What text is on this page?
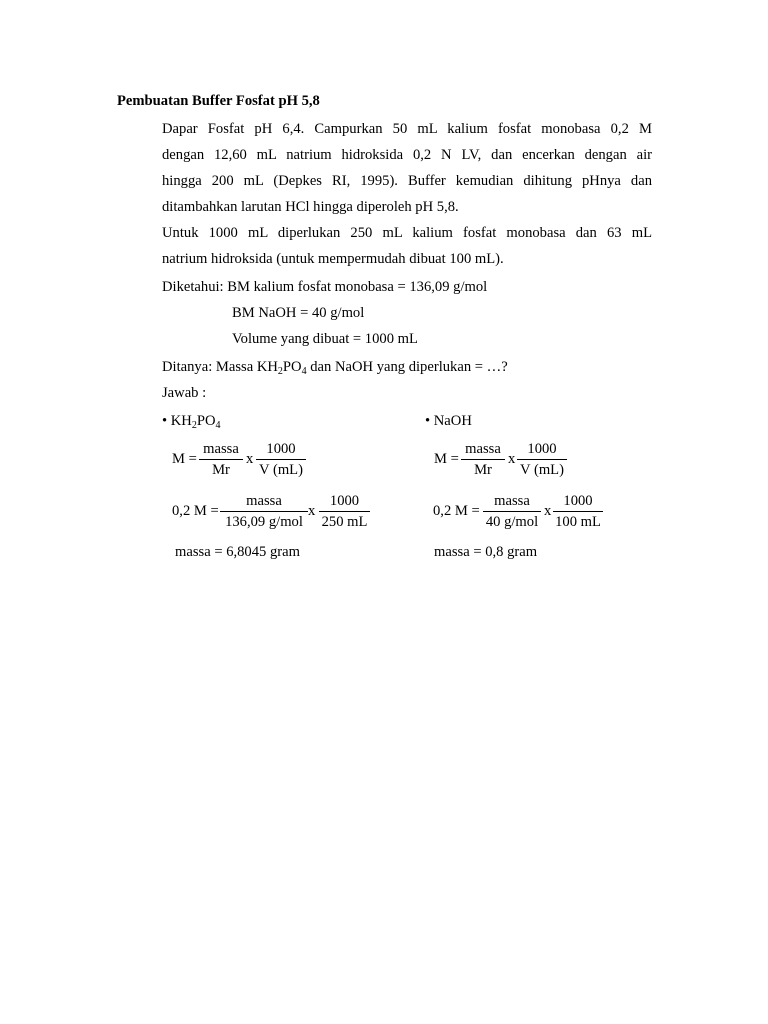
Pembuatan Buffer Fosfat pH 5,8
Dapar Fosfat pH 6,4. Campurkan 50 mL kalium fosfat monobasa 0,2 M
dengan 12,60 mL natrium hidroksida 0,2 N LV, dan encerkan dengan air
hingga 200 mL (Depkes RI, 1995). Buffer kemudian dihitung pHnya dan
ditambahkan larutan HCl hingga diperoleh pH 5,8.
Untuk 1000 mL diperlukan 250 mL kalium fosfat monobasa dan 63 mL
natrium hidroksida (untuk mempermudah dibuat 100 mL).
Diketahui: BM kalium fosfat monobasa = 136,09 g/mol
BM NaOH = 40 g/mol
Volume yang dibuat = 1000 mL
Ditanya: Massa $KH_2PO_4$ dan NaOH yang diperlukan = …?
Jawab :
• $KH_2PO_4$
M =
massa
Mr
x
1000
V (mL)
0,2 M =
massa
136,09 g/mol
x
1000
250 mL
massa = 6,8045 gram
• NaOH
M =
massa
Mr
x
1000
V (mL)
0,2 M =
massa
40 g/mol
x
1000
100 mL
massa = 0,8 gram
